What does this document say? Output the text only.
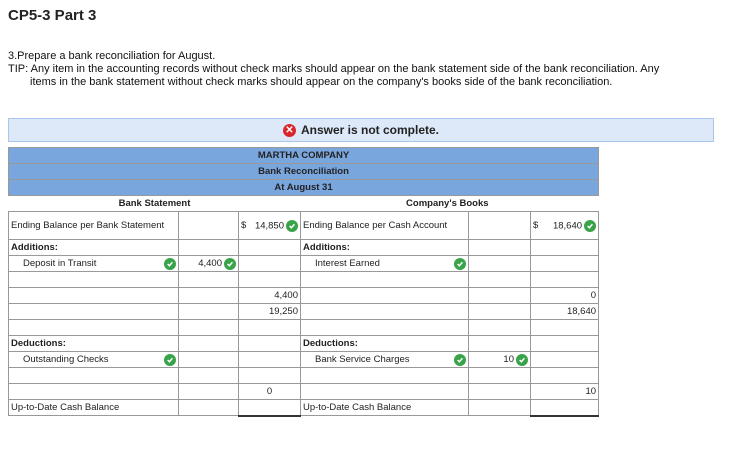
CP5-3 Part 3
3.Prepare a bank reconciliation for August.
TIP: Any item in the accounting records without check marks should appear on the bank statement side of the bank reconciliation. Any
items in the bank statement without check marks should appear on the company's books side of the bank reconciliation.
✕ Answer is not complete.
MARTHA COMPANY					
Bank Reconciliation					
At August 31					
Bank Statement			Company's Books		
Ending Balance per Bank Statement		$ 14,850	Ending Balance per Cash Account		$ 18,640

Additions:			Additions:		

Deposit in Transit	4,400		Interest Earned		

		4,400			0
		19,250			18,640

Deductions:			Deductions:		

Outstanding Checks			Bank Service Charges	10	

		0			10
Up-to-Date Cash Balance			Up-to-Date Cash Balance		
